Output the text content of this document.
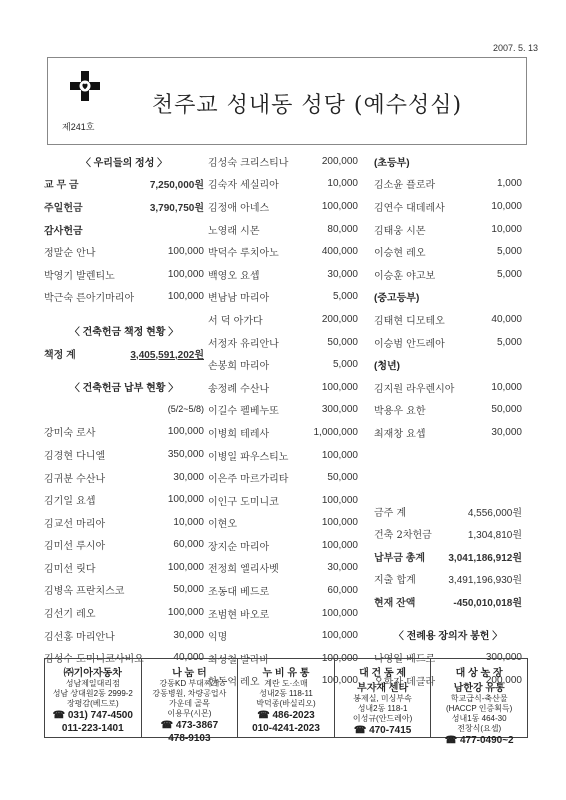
2007. 5. 13
제241호
천주교 성내동 성당 (예수성심)
〈 우리들의 정성 〉
교 무 금	7,250,000원
주일헌금	3,790,750원
감사헌금
정말순 안나	100,000
박영기 발렌티노	100,000
박근숙 른아기마리아	100,000
〈 건축헌금 책정 현황 〉
책정 계	3,405,591,202원
〈 건축헌금 납부 현황 〉
(5/2~5/8)
강미숙 로사	100,000
김경현 다니엘	350,000
김귀분 수산나	30,000
김기일 요셉	100,000
김교선 마리아	10,000
김미선 루시아	60,000
김미선 릿다	100,000
김병옥 프란치스코	50,000
김선기 레오	100,000
김선홍 마리안나	30,000
김성수 도미니코사비오	40,000
김성숙 크리스티나	200,000
김숙자 세실리아	10,000
김정애 아네스	100,000
노영래 시몬	80,000
박덕수 루치아노	400,000
백영오 요셉	30,000
변남남 마리아	5,000
서 덕 아가다	200,000
서정자 유리안나	50,000
손봉희 마리아	5,000
송정례 수산나	100,000
이길수 펠베누또	300,000
이병희 테레사	1,000,000
이병일 파우스티노	100,000
이은주 마르가리타	50,000
이인구 도미니코	100,000
이현오	100,000
장지순 마리아	100,000
전정희 엘리사벳	30,000
조동대 베드로	60,000
조범현 바오로	100,000
익명	100,000
최성철 발라바	100,000
한동억 레오	100,000
(초등부)
김소윤 플로라	1,000
김연수 대데레사	10,000
김태웅 시몬	10,000
이승현 레오	5,000
이승훈 야고보	5,000
(중고등부)
김태현 디모테오	40,000
이승범 안드레아	5,000
(청년)
김지원 라우렌시아	10,000
박용우 요한	50,000
최재창 요셉	30,000
금주 계	4,556,000원
건축 2차헌금	1,304,810원
납부금 총계 3,041,186,912원
지출 합계	3,491,196,930원
현재 잔액	-450,010,018원
〈 전례용 장의자 봉헌 〉
나영일 베드로	300,000
오화자 데클라	200,000
㈜기아자동차
성남제일대리점
성남 상대원2동 2999-2
장평감(베드로)
☎ 031) 747-4500
011-223-1401
나 눔 터
강동KD 부대찌개
강동병원, 차량공업사
가운데 골목
이용무(시몬)
☎ 473-3867
478-9103
누 비 유 통
계란 도·소매
성내2동 118-11
박덕종(바실리오)
☎ 486-2023
010-4241-2023
대 건 동 제
부자재 센타
봉제실, 미싱부속
성내2동 118-1
이성규(안드레아)
☎ 470-7415
대 상 농 장
남한강 유통
학교급식-축산물
(HACCP 인증획득)
성내1동 464-30
전창식(요셉)
☎ 477-0490~2
